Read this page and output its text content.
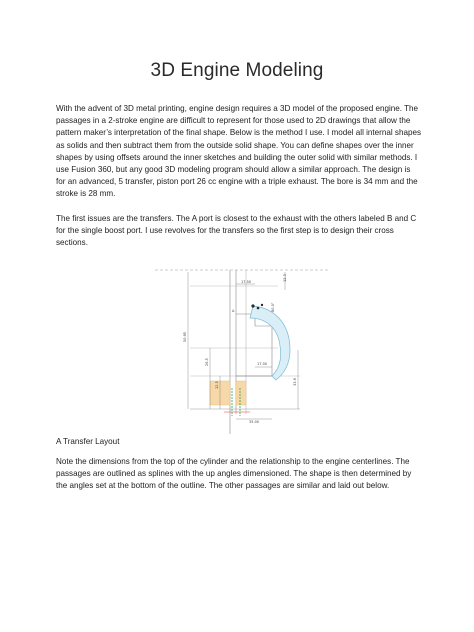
3D Engine Modeling

With the advent of 3D metal printing, engine design requires a 3D model of the proposed engine. The passages in a 2-stroke engine are difficult to represent for those used to 2D drawings that allow the pattern maker’s interpretation of the final shape. Below is the method I use. I model all internal shapes as solids and then subtract them from the outside solid shape. You can define shapes over the inner shapes by using offsets around the inner sketches and building the outer solid with similar methods. I use Fusion 360, but any good 3D modeling program should allow a similar approach. The design is for an advanced, 5 transfer, piston port 26 cc engine with a triple exhaust. The bore is 34 mm and the stroke is 28 mm.

The first issues are the transfers. The A port is closest to the exhaust with the others labeled B and C for the single boost port. I use revolves for the transfers so the first step is to design their cross sections.

17.50	12.3
80.0°
50.95
17.00
26.5
12.5	33.9
35.00
A

A Transfer Layout

Note the dimensions from the top of the cylinder and the relationship to the engine centerlines. The passages are outlined as splines with the up angles dimensioned. The shape is then determined by the angles set at the bottom of the outline. The other passages are similar and laid out below.
